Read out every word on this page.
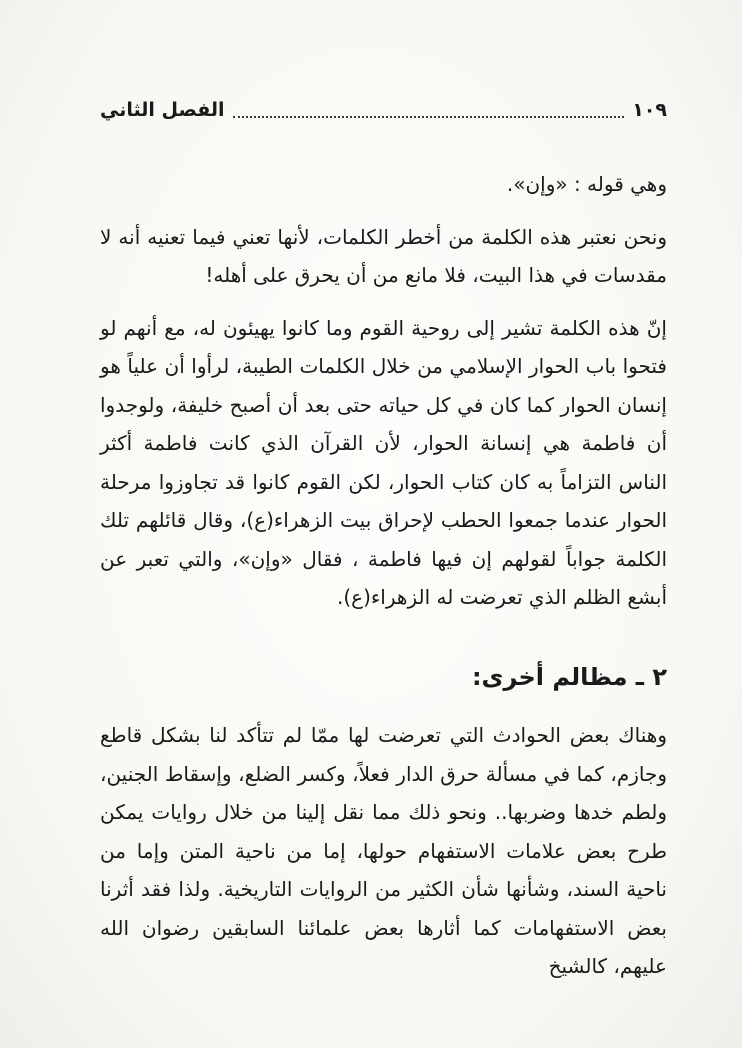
١٠٩
الفصل الثاني

وهي قوله : «وإن».

ونحن نعتبر هذه الكلمة من أخطر الكلمات، لأنها تعني فيما تعنيه أنه لا مقدسات في هذا البيت، فلا مانع من أن يحرق على أهله!

إنّ هذه الكلمة تشير إلى روحية القوم وما كانوا يهيئون له، مع أنهم لو فتحوا باب الحوار الإسلامي من خلال الكلمات الطيبة، لرأوا أن علياً هو إنسان الحوار كما كان في كل حياته حتى بعد أن أصبح خليفة، ولوجدوا أن فاطمة هي إنسانة الحوار، لأن القرآن الذي كانت فاطمة أكثر الناس التزاماً به كان كتاب الحوار، لكن القوم كانوا قد تجاوزوا مرحلة الحوار عندما جمعوا الحطب لإحراق بيت الزهراء(ع)، وقال قائلهم تلك الكلمة جواباً لقولهم إن فيها فاطمة ، فقال «وإن»، والتي تعبر عن أبشع الظلم الذي تعرضت له الزهراء(ع).

٢ ـ مظالم أخرى:

وهناك بعض الحوادث التي تعرضت لها ممّا لم تتأكد لنا بشكل قاطع وجازم، كما في مسألة حرق الدار فعلاً، وكسر الضلع، وإسقاط الجنين، ولطم خدها وضربها.. ونحو ذلك مما نقل إلينا من خلال روايات يمكن طرح بعض علامات الاستفهام حولها، إما من ناحية المتن وإما من ناحية السند، وشأنها شأن الكثير من الروايات التاريخية. ولذا فقد أثرنا بعض الاستفهامات كما أثارها بعض علمائنا السابقين رضوان الله عليهم، كالشيخ
